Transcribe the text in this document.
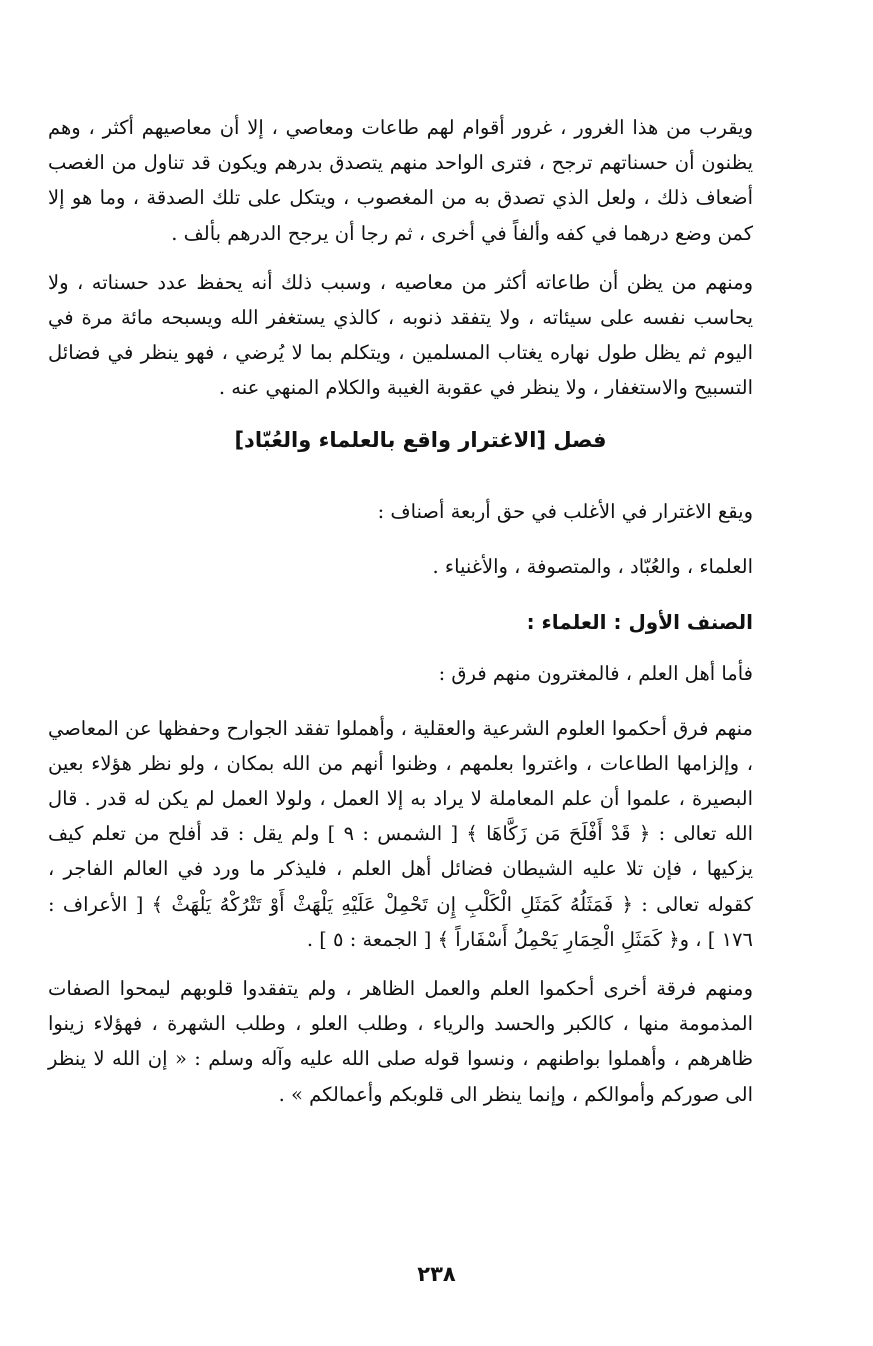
ويقرب من هذا الغرور ، غرور أقوام لهم طاعات ومعاصي ، إلا أن معاصيهم أكثر ، وهم يظنون أن حسناتهم ترجح ، فترى الواحد منهم يتصدق بدرهم ويكون قد تناول من الغصب أضعاف ذلك ، ولعل الذي تصدق به من المغصوب ، ويتكل على تلك الصدقة ، وما هو إلا كمن وضع درهما في كفه وألفاً في أخرى ، ثم رجا أن يرجح الدرهم بألف .

ومنهم من يظن أن طاعاته أكثر من معاصيه ، وسبب ذلك أنه يحفظ عدد حسناته ، ولا يحاسب نفسه على سيئاته ، ولا يتفقد ذنوبه ، كالذي يستغفر الله ويسبحه مائة مرة في اليوم ثم يظل طول نهاره يغتاب المسلمين ، ويتكلم بما لا يُرضي ، فهو ينظر في فضائل التسبيح والاستغفار ، ولا ينظر في عقوبة الغيبة والكلام المنهي عنه .

فصل [الاغترار واقع بالعلماء والعُبّاد]
ويقع الاغترار في الأغلب في حق أربعة أصناف :
العلماء ، والعُبّاد ، والمتصوفة ، والأغنياء .
الصنف الأول : العلماء :
فأما أهل العلم ، فالمغترون منهم فرق :

منهم فرق أحكموا العلوم الشرعية والعقلية ، وأهملوا تفقد الجوارح وحفظها عن المعاصي ، وإلزامها الطاعات ، واغتروا بعلمهم ، وظنوا أنهم من الله بمكان ، ولو نظر هؤلاء بعين البصيرة ، علموا أن علم المعاملة لا يراد به إلا العمل ، ولولا العمل لم يكن له قدر . قال الله تعالى : ﴿ قَدْ أَفْلَحَ مَن زَكَّاهَا ﴾ [ الشمس : ٩ ] ولم يقل : قد أفلح من تعلم كيف يزكيها ، فإن تلا عليه الشيطان فضائل أهل العلم ، فليذكر ما ورد في العالم الفاجر ، كقوله تعالى : ﴿ فَمَثَلُهُ كَمَثَلِ الْكَلْبِ إِن تَحْمِلْ عَلَيْهِ يَلْهَثْ أَوْ تَتْرُكْهُ يَلْهَثْ ﴾ [ الأعراف : ١٧٦ ] ، و﴿ كَمَثَلِ الْحِمَارِ يَحْمِلُ أَسْفَاراً ﴾ [ الجمعة : ٥ ] .

ومنهم فرقة أخرى أحكموا العلم والعمل الظاهر ، ولم يتفقدوا قلوبهم ليمحوا الصفات المذمومة منها ، كالكبر والحسد والرياء ، وطلب العلو ، وطلب الشهرة ، فهؤلاء زينوا ظاهرهم ، وأهملوا بواطنهم ، ونسوا قوله صلى الله عليه وآله وسلم : « إن الله لا ينظر الى صوركم وأموالكم ، وإنما ينظر الى قلوبكم وأعمالكم » .

٢٣٨
